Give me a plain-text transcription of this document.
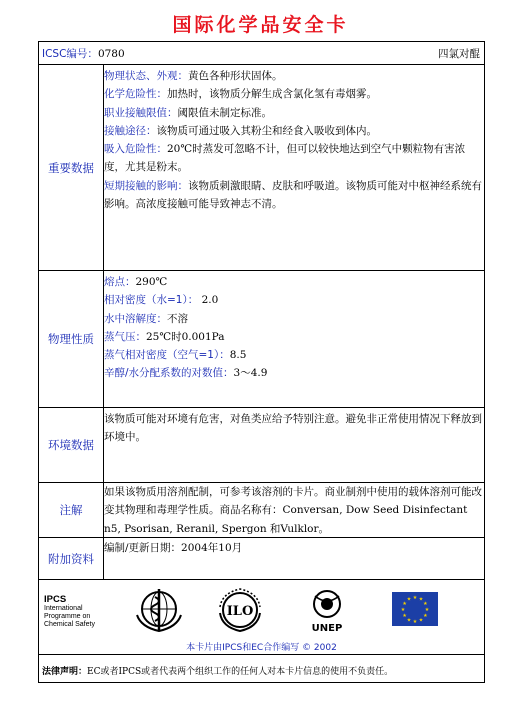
国际化学品安全卡
ICSC编号：0780	四氯对醌
重要数据
物理状态、外观：黄色各种形状固体。
化学危险性：加热时，该物质分解生成含氯化氢有毒烟雾。
职业接触限值：阈限值未制定标准。
接触途径：该物质可通过吸入其粉尘和经食入吸收到体内。
吸入危险性：20℃时蒸发可忽略不计，但可以较快地达到空气中颗粒物有害浓度，尤其是粉末。
短期接触的影响：该物质刺激眼睛、皮肤和呼吸道。该物质可能对中枢神经系统有影响。高浓度接触可能导致神志不清。
物理性质
熔点：290℃
相对密度（水=1）： 2.0
水中溶解度：不溶
蒸气压：25℃时0.001Pa
蒸气相对密度（空气=1）：8.5
辛醇/水分配系数的对数值：3～4.9
环境数据
该物质可能对环境有危害，对鱼类应给予特别注意。避免非正常使用情况下释放到环境中。
注解
如果该物质用溶剂配制，可参考该溶剂的卡片。商业制剂中使用的载体溶剂可能改变其物理和毒理学性质。商品名称有：Conversan, Dow Seed Disinfectant n5, Psorisan, Reranil, Spergon 和Vulklor。
附加资料
编制/更新日期：2004年10月
IPCS
International
Programme on
Chemical Safety
ILO
UNEP
★ ★
★
★
★
★
★
★
★
★
★
★
本卡片由IPCS和EC合作编写 © 2002
法律声明：EC或者IPCS或者代表两个组织工作的任何人对本卡片信息的使用不负责任。
